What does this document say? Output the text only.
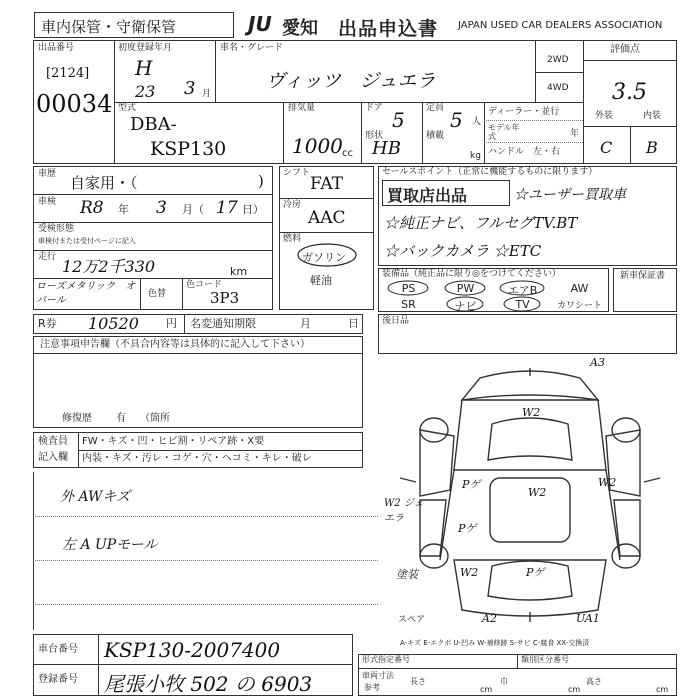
車内保管・守衛保管	JU 愛知 出品申込書 JAPAN USED CAR DEALERS ASSOCIATION
出品番号
[2124]
00034
初度登録年月
H
23 3 月
車名・グレード
ヴィッツ　ジュエラ
2WD
4WD
評価点
3.5
外装	内装
C B
型式
DBA-
KSP130
排気量
1000 cc
ドア 5
形状
HB
定員 5 人
積載
kg
ディーラー・並行
モデル年式	年
ハンドル　左・右
車歴 自家用・（	)
車検 R8 年 3 月（ 17 日）
受検形態
車検付または受付ページに記入
走行 12万2千330	km
ローズメタリック　オパール
色替
色コード
3P3
シフト
FAT
冷房
AAC
燃料
ガソリン
軽油
セールスポイント（正常に機能するものに限ります）
買取店出品	☆ユーザー買取車
☆純正ナビ、フルセグTV.BT
☆バックカメラ ☆ETC
装備品（純正品に限り◎をつけてください）
PS	PW	エアB	AW
SR	ナビ	TV	カワシート
新車保証書
R券 10520 円 名変通知期限	月	日	後日品
注意事項申告欄（不具合内容等は具体的に記入して下さい）
修復歴 有 （箇所
検査員
記入欄
FW・キズ・凹・ヒビ割・リペア跡・X要
内装・キズ・汚レ・コゲ・穴・ヘコミ・キレ・破レ
外 AWキズ
左 A UPモール
A3
W2
W2
Pゲ
Pゲ
Pゲ
W2
W2 ジェエラ
塗装	W2
A2	UA1
スペア
A-キズ E-エクボ U-凹み W-補修跡 S-サビ C-腐食 XX-交換済
車台番号 KSP130-2007400
登録番号 尾張小牧 502 の 6903
形式指定番号	類別区分番号
車両寸法
参考
長さ
cm
巾
cm
高さ
cm
